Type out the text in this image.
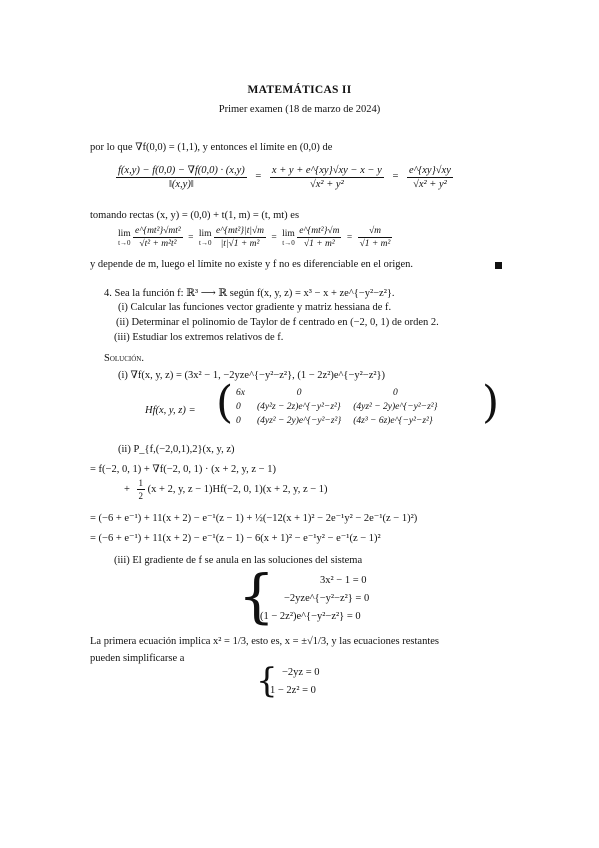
MATEMÁTICAS II
Primer examen (18 de marzo de 2024)
por lo que ∇f(0,0) = (1,1), y entonces el límite en (0,0) de
$\frac{f(x,y) - f(0,0) - \nabla f(0,0) \cdot (x,y)}{‖(x,y)‖} = \frac{x + y + e\^{}\{xy\}√xy - x - y}{\text{√x² + y²}} = \frac{e\^{}\{xy\}√xy}{\text{√x² + y²}}$
tomando rectas (x, y) = (0,0) + t(1, m) = (t, mt) es
lim
t→0
$\frac{\text{e\textasciicircum{}\{mt²\}√mt²}}{\text{√t² + m²t²}} = \lim$
t→0
$\frac{\text{e\textasciicircum{}\{mt²\}|t|√m}}{\text{|t|√1 + m²}} = \lim$
t→0
$\frac{\text{e\textasciicircum{}\{mt²\}√m}}{\text{√1 + m²}} = \frac{√m}{\text{√1 + m²}}$
y depende de m, luego el límite no existe y f no es diferenciable en el origen.
4. Sea la función f: ℝ³ ⟶ ℝ según f(x, y, z) = x³ − x + ze^{−y²−z²}.
(i) Calcular las funciones vector gradiente y matriz hessiana de f.
(ii) Determinar el polinomio de Taylor de f centrado en (−2, 0, 1) de orden 2.
(iii) Estudiar los extremos relativos de f.
Solución.
(i) ∇f(x, y, z) = (3x² − 1, −2yze^{−y²−z²}, (1 − 2z²)e^{−y²−z²})
Hf(x, y, z) = ( 6x	0	0
0	(4y²z − 2z)e^{−y²−z²}	(4yz² − 2y)e^{−y²−z²}
0	(4yz² − 2y)e^{−y²−z²}	(4z³ − 6z)e^{−y²−z²} )
(ii) P_{f,(−2,0,1),2}(x, y, z)
= f(−2, 0, 1) + ∇f(−2, 0, 1) · (x + 2, y, z − 1)
+ $\frac{1}{2} (x + 2$, y, z − 1)Hf(−2, 0, 1)(x + 2, y, z − 1)
= (−6 + e⁻¹) + 11(x + 2) − e⁻¹(z − 1) + ½(−12(x + 1)² − 2e⁻¹y² − 2e⁻¹(z − 1)²)
= (−6 + e⁻¹) + 11(x + 2) − e⁻¹(z − 1) − 6(x + 1)² − e⁻¹y² − e⁻¹(z − 1)²
(iii) El gradiente de f se anula en las soluciones del sistema
{	3x² − 1 = 0
−2yze^{−y²−z²} = 0
(1 − 2z²)e^{−y²−z²} = 0
La primera ecuación implica x² = 1/3, esto es, x = ±√1/3, y las ecuaciones restantes
pueden simplificarse a
{ −2yz = 0
1 − 2z² = 0
